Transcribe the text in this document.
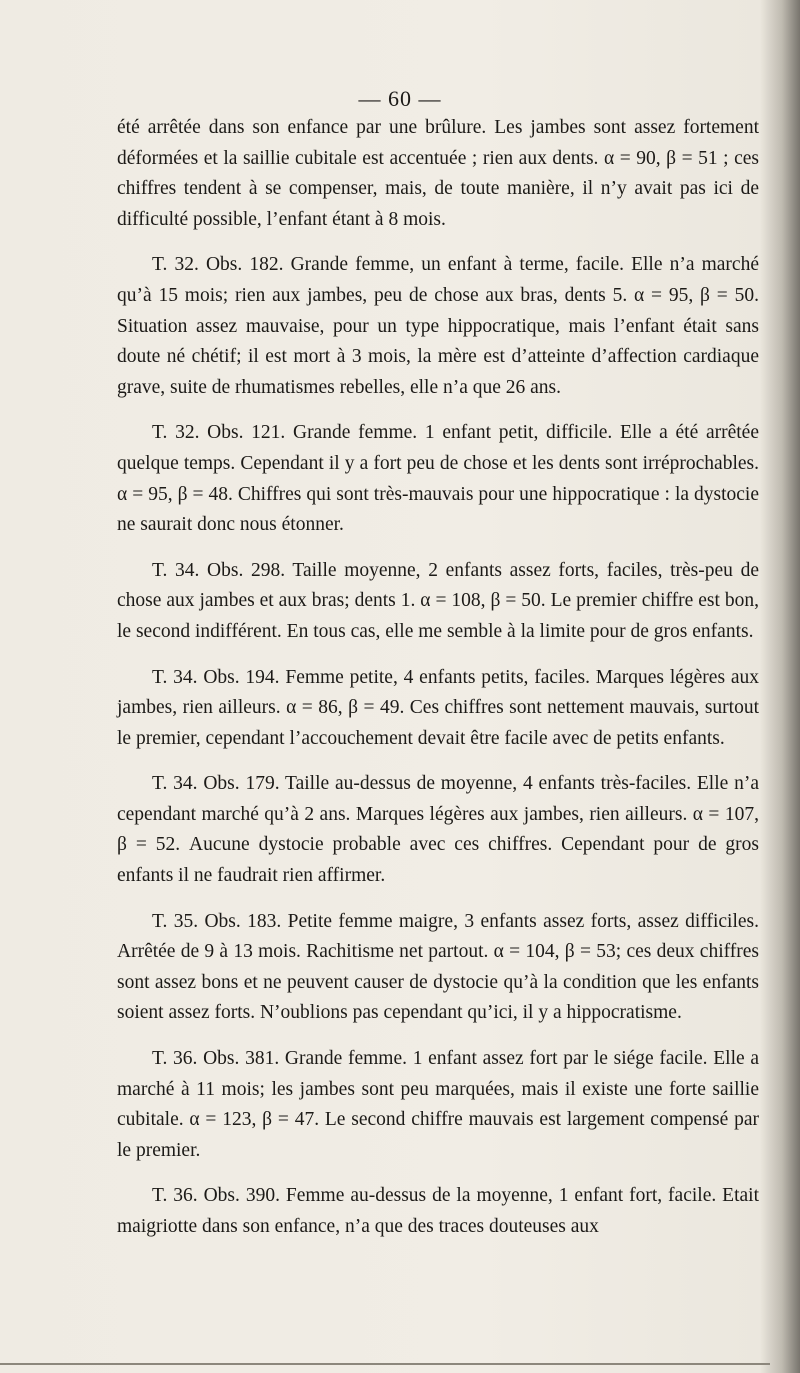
— 60 —

été arrêtée dans son enfance par une brûlure. Les jambes sont assez fortement déformées et la saillie cubitale est accentuée ; rien aux dents. α = 90, β = 51 ; ces chiffres tendent à se compenser, mais, de toute manière, il n’y avait pas ici de difficulté possible, l’enfant étant à 8 mois.

T. 32. Obs. 182. Grande femme, un enfant à terme, facile. Elle n’a marché qu’à 15 mois; rien aux jambes, peu de chose aux bras, dents 5. α = 95, β = 50. Situation assez mauvaise, pour un type hippocratique, mais l’enfant était sans doute né chétif; il est mort à 3 mois, la mère est d’atteinte d’affection cardiaque grave, suite de rhumatismes rebelles, elle n’a que 26 ans.

T. 32. Obs. 121. Grande femme. 1 enfant petit, difficile. Elle a été arrêtée quelque temps. Cependant il y a fort peu de chose et les dents sont irréprochables. α = 95, β = 48. Chiffres qui sont très-mauvais pour une hippocratique : la dystocie ne saurait donc nous étonner.

T. 34. Obs. 298. Taille moyenne, 2 enfants assez forts, faciles, très-peu de chose aux jambes et aux bras; dents 1. α = 108, β = 50. Le premier chiffre est bon, le second indifférent. En tous cas, elle me semble à la limite pour de gros enfants.

T. 34. Obs. 194. Femme petite, 4 enfants petits, faciles. Marques légères aux jambes, rien ailleurs. α = 86, β = 49. Ces chiffres sont nettement mauvais, surtout le premier, cependant l’accouchement devait être facile avec de petits enfants.

T. 34. Obs. 179. Taille au-dessus de moyenne, 4 enfants très-faciles. Elle n’a cependant marché qu’à 2 ans. Marques légères aux jambes, rien ailleurs. α = 107, β = 52. Aucune dystocie probable avec ces chiffres. Cependant pour de gros enfants il ne faudrait rien affirmer.

T. 35. Obs. 183. Petite femme maigre, 3 enfants assez forts, assez difficiles. Arrêtée de 9 à 13 mois. Rachitisme net partout. α = 104, β = 53; ces deux chiffres sont assez bons et ne peuvent causer de dystocie qu’à la condition que les enfants soient assez forts. N’oublions pas cependant qu’ici, il y a hippocratisme.

T. 36. Obs. 381. Grande femme. 1 enfant assez fort par le siége facile. Elle a marché à 11 mois; les jambes sont peu marquées, mais il existe une forte saillie cubitale. α = 123, β = 47. Le second chiffre mauvais est largement compensé par le premier.

T. 36. Obs. 390. Femme au-dessus de la moyenne, 1 enfant fort, facile. Etait maigriotte dans son enfance, n’a que des traces douteuses aux
